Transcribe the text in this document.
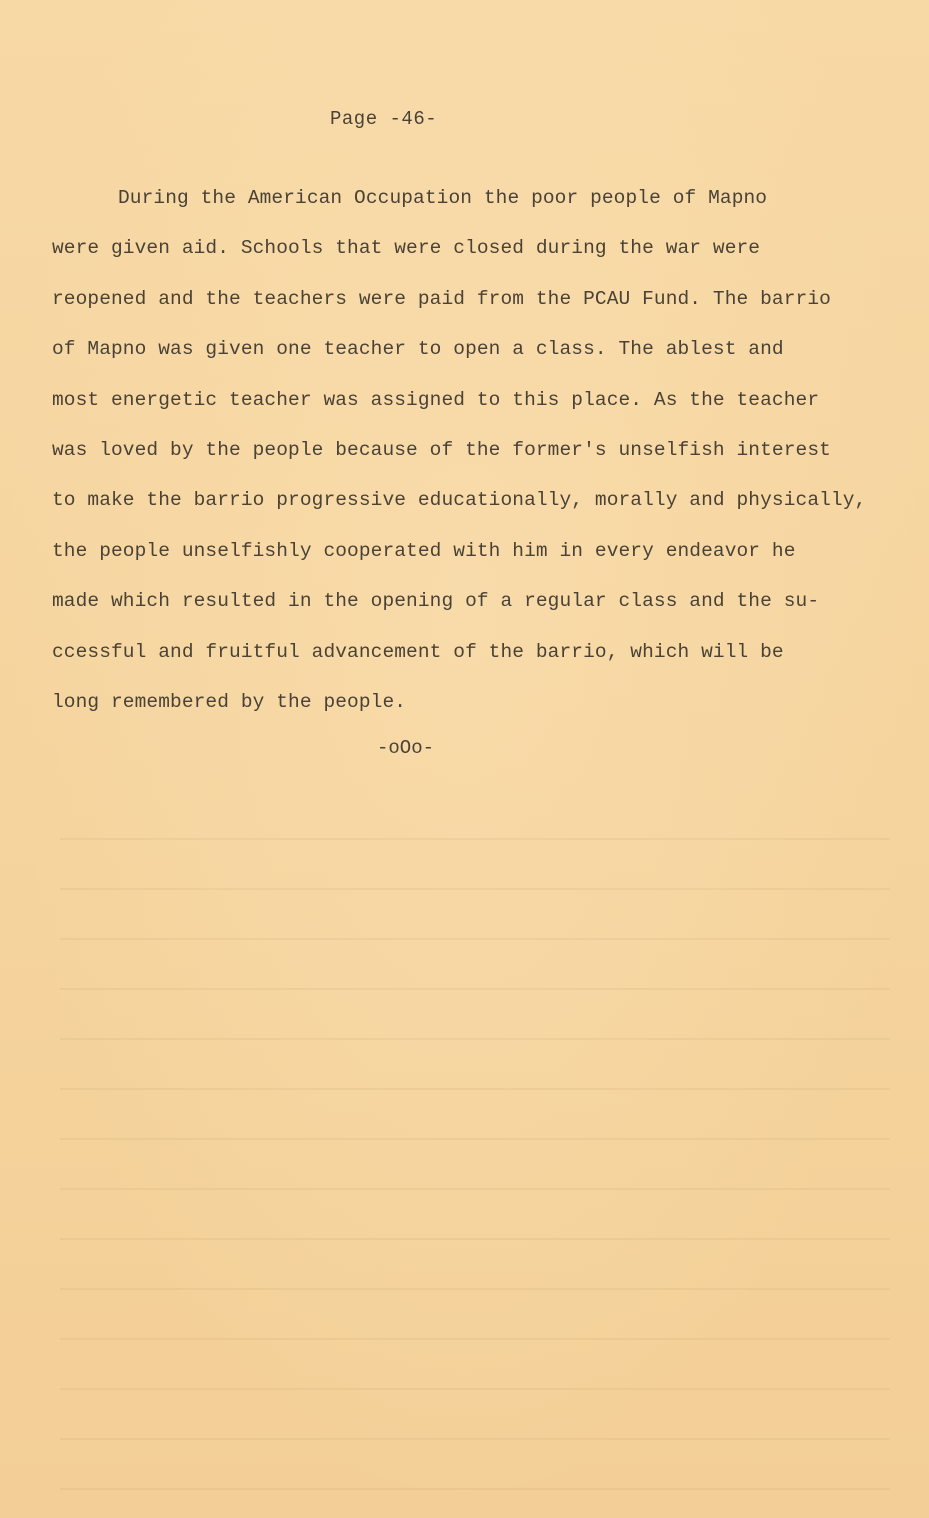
Page -46-
During the American Occupation the poor people of Mapno
were given aid. Schools that were closed during the war were
reopened and the teachers were paid from the PCAU Fund. The barrio
of Mapno was given one teacher to open a class. The ablest and
most energetic teacher was assigned to this place. As the teacher
was loved by the people because of the former's unselfish interest
to make the barrio progressive educationally, morally and physically,
the people unselfishly cooperated with him in every endeavor he
made which resulted in the opening of a regular class and the su-
ccessful and fruitful advancement of the barrio, which will be
long remembered by the people.
-oOo-
